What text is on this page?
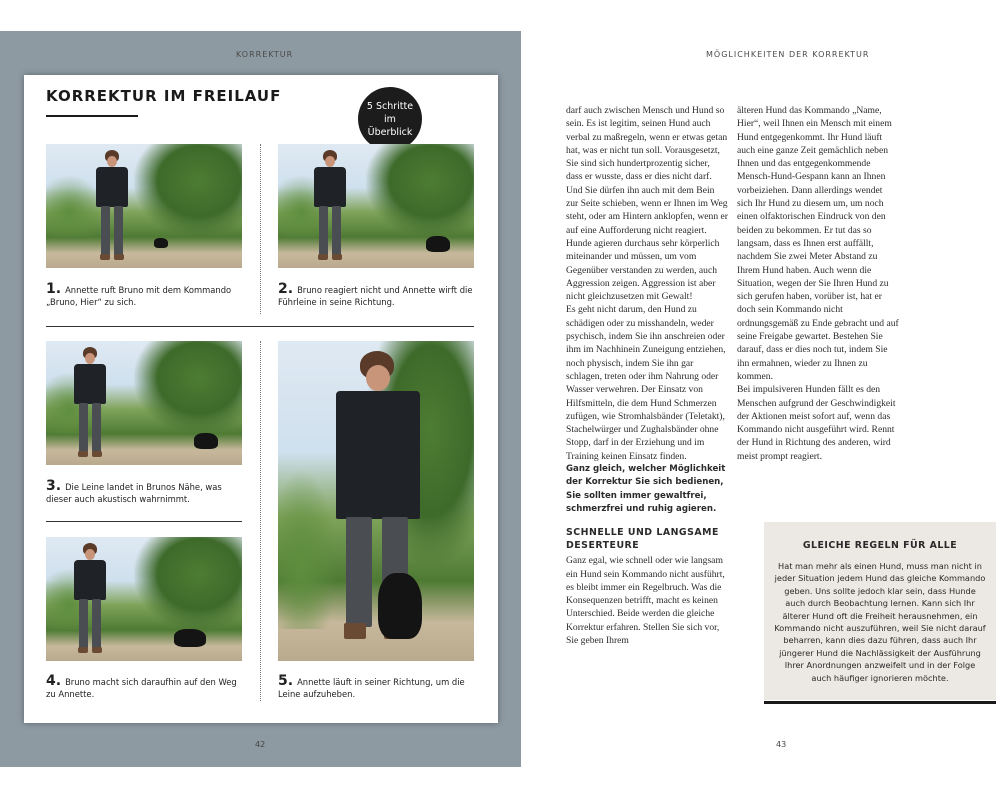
KORREKTUR
42
KORREKTUR IM FREILAUF
5 Schritte
im
Überblick
1. Annette ruft Bruno mit dem Kommando „Bruno, Hier“ zu sich.
2. Bruno reagiert nicht und Annette wirft die Führleine in seine Richtung.
3. Die Leine landet in Brunos Nähe, was dieser auch akustisch wahrnimmt.
4. Bruno macht sich daraufhin auf den Weg zu Annette.
5. Annette läuft in seiner Richtung, um die Leine aufzuheben.
MÖGLICHKEITEN DER KORREKTUR
43

darf auch zwischen Mensch und Hund so sein. Es ist legitim, seinen Hund auch verbal zu maßregeln, wenn er etwas getan hat, was er nicht tun soll. Vorausgesetzt, Sie sind sich hundertprozentig sicher, dass er wusste, dass er dies nicht darf. Und Sie dürfen ihn auch mit dem Bein zur Seite schieben, wenn er Ihnen im Weg steht, oder am Hintern anklopfen, wenn er auf eine Aufforderung nicht reagiert. Hunde agieren durchaus sehr körperlich miteinander und müssen, um vom Gegenüber verstanden zu werden, auch Aggression zeigen. Aggression ist aber nicht gleichzusetzen mit Gewalt!

Es geht nicht darum, den Hund zu schädigen oder zu misshandeln, weder psychisch, indem Sie ihn anschreien oder ihm im Nachhinein Zuneigung entziehen, noch physisch, indem Sie ihn gar schlagen, treten oder ihm Nahrung oder Wasser verwehren. Der Einsatz von Hilfsmitteln, die dem Hund Schmerzen zufügen, wie Stromhalsbänder (Teletakt), Stachelwürger und Zughalsbänder ohne Stopp, darf in der Erziehung und im Training keinen Einsatz finden.

Ganz gleich, welcher Möglichkeit der Korrektur Sie sich bedienen, Sie sollten immer gewaltfrei, schmerzfrei und ruhig agieren.

SCHNELLE UND LANGSAME DESERTEURE

Ganz egal, wie schnell oder wie langsam ein Hund sein Kommando nicht ausführt, es bleibt immer ein Regelbruch. Was die Konsequenzen betrifft, macht es keinen Unterschied. Beide werden die gleiche Korrektur erfahren. Stellen Sie sich vor, Sie geben Ihrem

älteren Hund das Kommando „Name, Hier“, weil Ihnen ein Mensch mit einem Hund entgegenkommt. Ihr Hund läuft auch eine ganze Zeit gemächlich neben Ihnen und das entgegenkommende Mensch-Hund-Gespann kann an Ihnen vorbeiziehen. Dann allerdings wendet sich Ihr Hund zu diesem um, um noch einen olfaktorischen Eindruck von den beiden zu bekommen. Er tut das so langsam, dass es Ihnen erst auffällt, nachdem Sie zwei Meter Abstand zu Ihrem Hund haben. Auch wenn die Situation, wegen der Sie Ihren Hund zu sich gerufen haben, vorüber ist, hat er doch sein Kommando nicht ordnungsgemäß zu Ende gebracht und auf seine Freigabe gewartet. Bestehen Sie darauf, dass er dies noch tut, indem Sie ihn ermahnen, wieder zu Ihnen zu kommen.

Bei impulsiveren Hunden fällt es den Menschen aufgrund der Geschwindigkeit der Aktionen meist sofort auf, wenn das Kommando nicht ausgeführt wird. Rennt der Hund in Richtung des anderen, wird meist prompt reagiert.

GLEICHE REGELN FÜR ALLE
Hat man mehr als einen Hund, muss man nicht in jeder Situation jedem Hund das gleiche Kommando geben. Uns sollte jedoch klar sein, dass Hunde auch durch Beobachtung lernen. Kann sich Ihr älterer Hund oft die Freiheit herausnehmen, ein Kommando nicht auszuführen, weil Sie nicht darauf beharren, kann dies dazu führen, dass auch Ihr jüngerer Hund die Nachlässigkeit der Ausführung Ihrer Anordnungen anzweifelt und in der Folge auch häufiger ignorieren möchte.
